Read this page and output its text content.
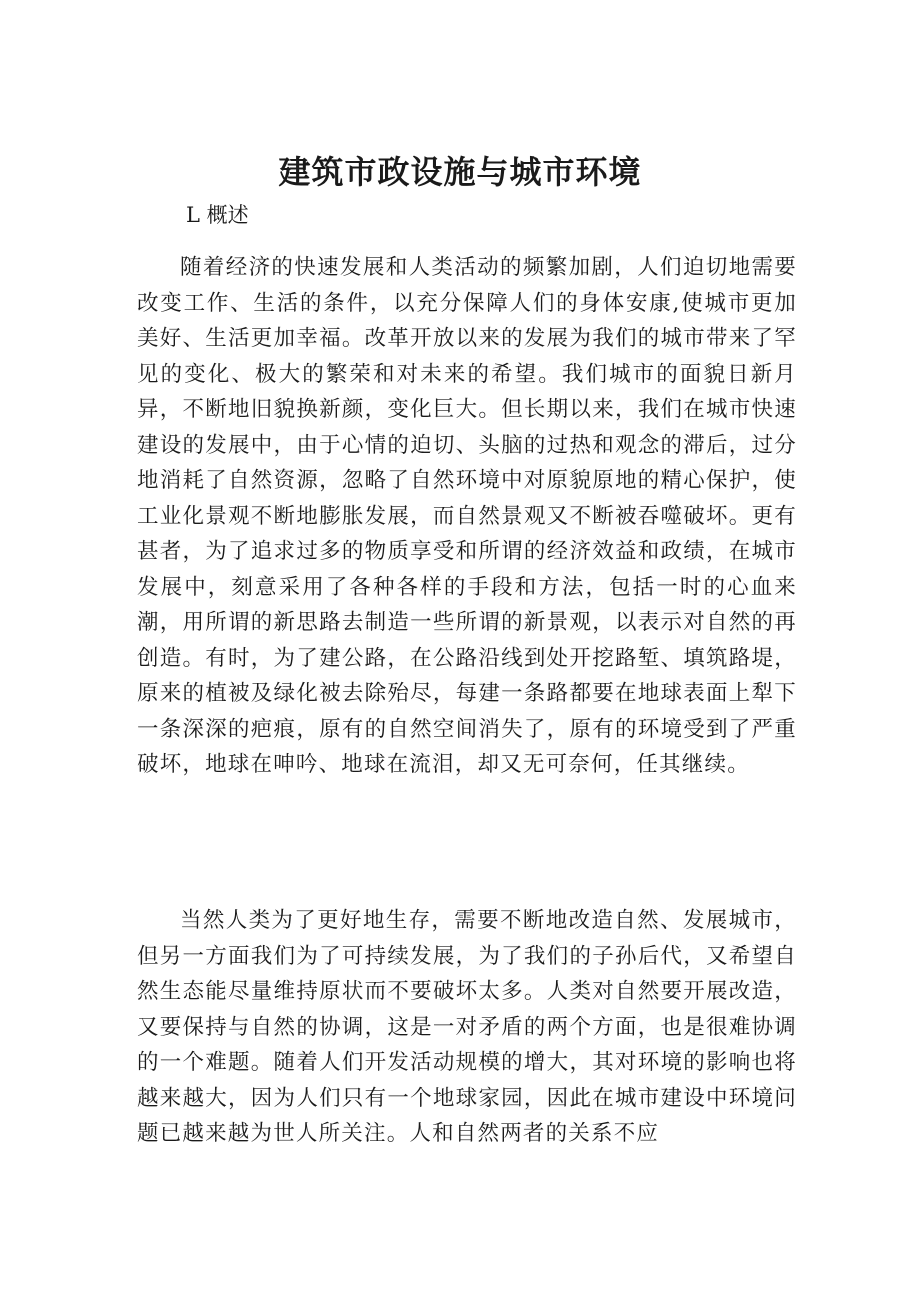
建筑市政设施与城市环境
L 概述

随着经济的快速发展和人类活动的频繁加剧，人们迫切地需要改变工作、生活的条件，以充分保障人们的身体安康,使城市更加美好、生活更加幸福。改革开放以来的发展为我们的城市带来了罕见的变化、极大的繁荣和对未来的希望。我们城市的面貌日新月异，不断地旧貌换新颜，变化巨大。但长期以来，我们在城市快速建设的发展中，由于心情的迫切、头脑的过热和观念的滞后，过分地消耗了自然资源，忽略了自然环境中对原貌原地的精心保护，使工业化景观不断地膨胀发展，而自然景观又不断被吞噬破坏。更有甚者，为了追求过多的物质享受和所谓的经济效益和政绩，在城市发展中，刻意采用了各种各样的手段和方法，包括一时的心血来潮，用所谓的新思路去制造一些所谓的新景观，以表示对自然的再创造。有时，为了建公路，在公路沿线到处开挖路堑、填筑路堤，原来的植被及绿化被去除殆尽，每建一条路都要在地球表面上犁下一条深深的疤痕，原有的自然空间消失了，原有的环境受到了严重破坏，地球在呻吟、地球在流泪，却又无可奈何，任其继续。

当然人类为了更好地生存，需要不断地改造自然、发展城市，但另一方面我们为了可持续发展，为了我们的子孙后代，又希望自然生态能尽量维持原状而不要破坏太多。人类对自然要开展改造，又要保持与自然的协调，这是一对矛盾的两个方面，也是很难协调的一个难题。随着人们开发活动规模的增大，其对环境的影响也将越来越大，因为人们只有一个地球家园，因此在城市建设中环境问题已越来越为世人所关注。人和自然两者的关系不应
